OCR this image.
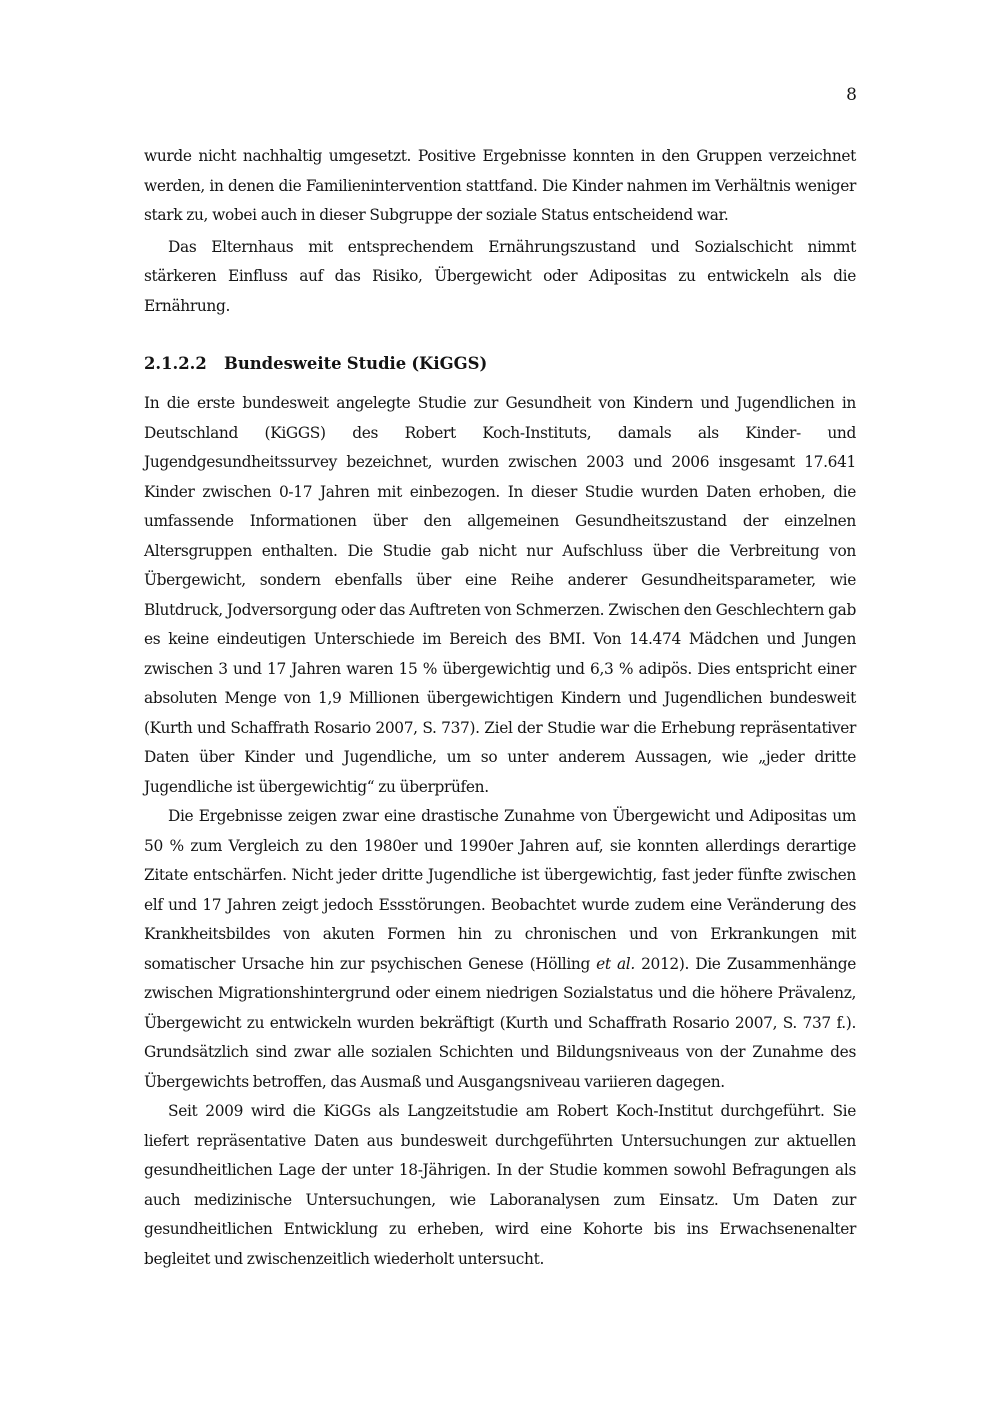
8

wurde nicht nachhaltig umgesetzt. Positive Ergebnisse konnten in den Gruppen verzeichnet werden, in denen die Familienintervention stattfand. Die Kinder nahmen im Verhältnis weniger stark zu, wobei auch in dieser Subgruppe der soziale Status entscheidend war.

Das Elternhaus mit entsprechendem Ernährungszustand und Sozialschicht nimmt stärkeren Einfluss auf das Risiko, Übergewicht oder Adipositas zu entwickeln als die Ernährung.

2.1.2.2 Bundesweite Studie (KiGGS)

In die erste bundesweit angelegte Studie zur Gesundheit von Kindern und Jugendlichen in Deutschland (KiGGS) des Robert Koch-Instituts, damals als Kinder- und Jugendgesundheitssurvey bezeichnet, wurden zwischen 2003 und 2006 insgesamt 17.641 Kinder zwischen 0-17 Jahren mit einbezogen. In dieser Studie wurden Daten erhoben, die umfassende Informationen über den allgemeinen Gesundheitszustand der einzelnen Altersgruppen enthalten. Die Studie gab nicht nur Aufschluss über die Verbreitung von Übergewicht, sondern ebenfalls über eine Reihe anderer Gesundheitsparameter, wie Blutdruck, Jodversorgung oder das Auftreten von Schmerzen. Zwischen den Geschlechtern gab es keine eindeutigen Unterschiede im Bereich des BMI. Von 14.474 Mädchen und Jungen zwischen 3 und 17 Jahren waren 15 % übergewichtig und 6,3 % adipös. Dies entspricht einer absoluten Menge von 1,9 Millionen übergewichtigen Kindern und Jugendlichen bundesweit (Kurth und Schaffrath Rosario 2007, S. 737). Ziel der Studie war die Erhebung repräsentativer Daten über Kinder und Jugendliche, um so unter anderem Aussagen, wie „jeder dritte Jugendliche ist übergewichtig“ zu überprüfen.

Die Ergebnisse zeigen zwar eine drastische Zunahme von Übergewicht und Adipositas um 50 % zum Vergleich zu den 1980er und 1990er Jahren auf, sie konnten allerdings derartige Zitate entschärfen. Nicht jeder dritte Jugendliche ist übergewichtig, fast jeder fünfte zwischen elf und 17 Jahren zeigt jedoch Essstörungen. Beobachtet wurde zudem eine Veränderung des Krankheitsbildes von akuten Formen hin zu chronischen und von Erkrankungen mit somatischer Ursache hin zur psychischen Genese (Hölling et al. 2012). Die Zusammenhänge zwischen Migrationshintergrund oder einem niedrigen Sozialstatus und die höhere Prävalenz, Übergewicht zu entwickeln wurden bekräftigt (Kurth und Schaffrath Rosario 2007, S. 737 f.). Grundsätzlich sind zwar alle sozialen Schichten und Bildungsniveaus von der Zunahme des Übergewichts betroffen, das Ausmaß und Ausgangsniveau variieren dagegen.

Seit 2009 wird die KiGGs als Langzeitstudie am Robert Koch-Institut durchgeführt. Sie liefert repräsentative Daten aus bundesweit durchgeführten Untersuchungen zur aktuellen gesundheitlichen Lage der unter 18-Jährigen. In der Studie kommen sowohl Befragungen als auch medizinische Untersuchungen, wie Laboranalysen zum Einsatz. Um Daten zur gesundheitlichen Entwicklung zu erheben, wird eine Kohorte bis ins Erwachsenenalter begleitet und zwischenzeitlich wiederholt untersucht.
